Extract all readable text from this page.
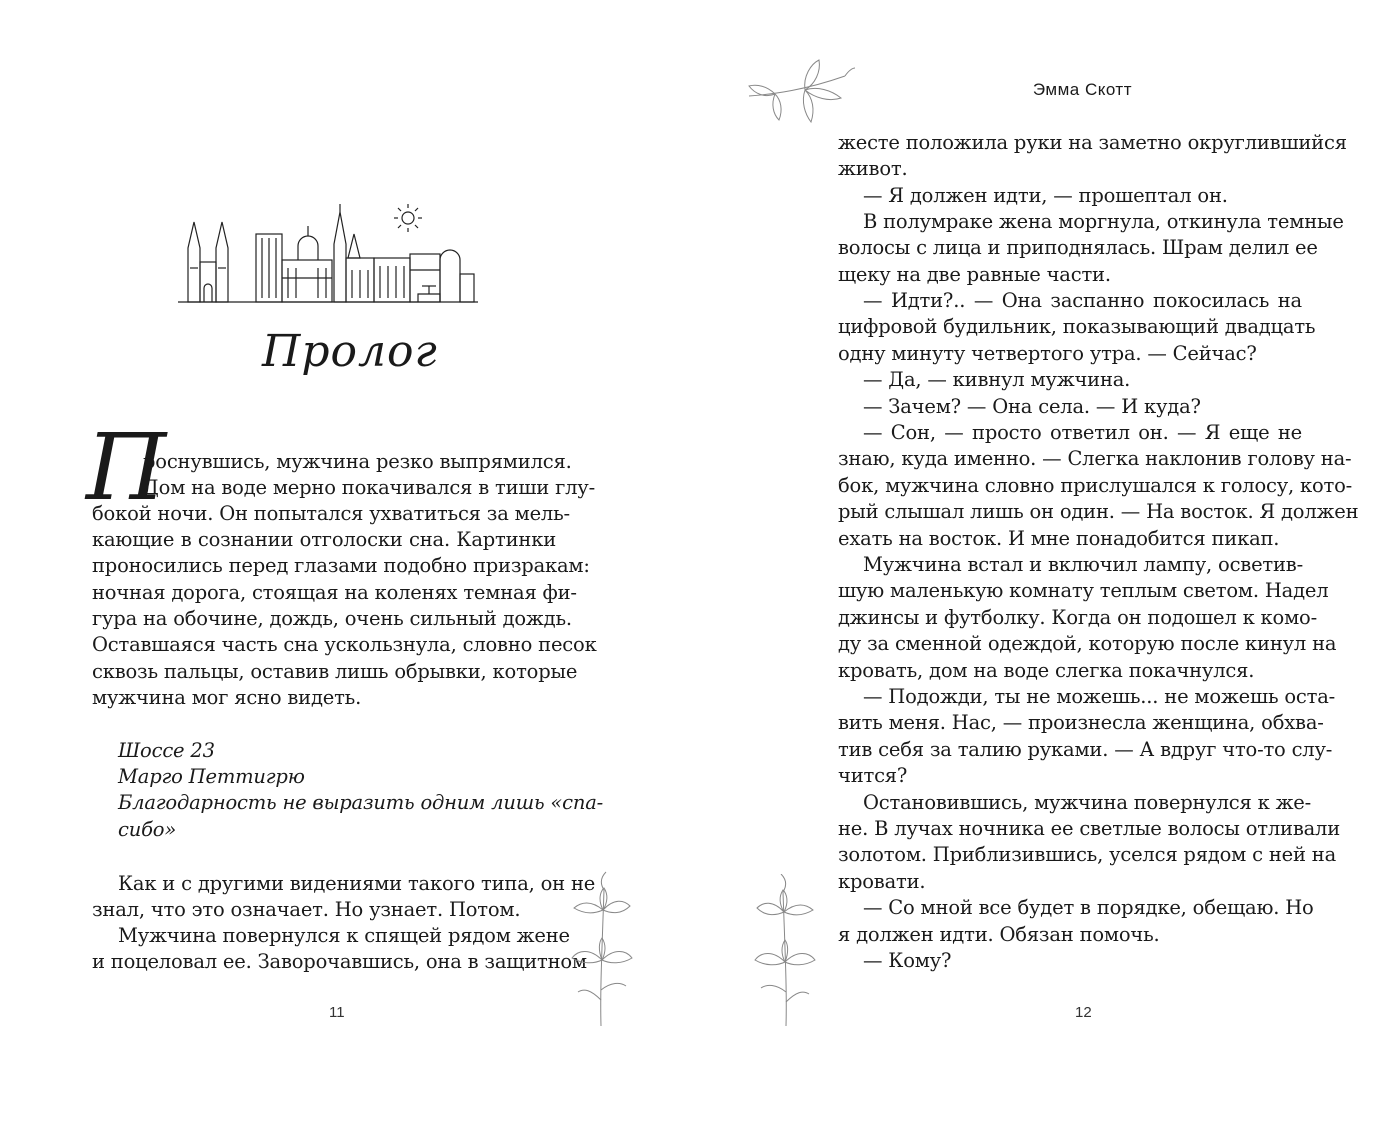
Пролог
П
роснувшись, мужчина резко выпрямился.
Дом на воде мерно покачивался в тиши глу-
бокой ночи. Он попытался ухватиться за мель-
кающие в сознании отголоски сна. Картинки
проносились перед глазами подобно призракам:
ночная дорога, стоящая на коленях темная фи-
гура на обочине, дождь, очень сильный дождь.
Оставшаяся часть сна ускользнула, словно песок
сквозь пальцы, оставив лишь обрывки, которые
мужчина мог ясно видеть.
Шоссе 23
Марго Петтигрю
Благодарность не выразить одним лишь «спа-
сибо»
Как и с другими видениями такого типа, он не
знал, что это означает. Но узнает. Потом.
Мужчина повернулся к спящей рядом жене
и поцеловал ее. Заворочавшись, она в защитном
11
Эмма Скотт
жесте положила руки на заметно округлившийся
живот.
— Я должен идти, — прошептал он.
В полумраке жена моргнула, откинула темные
волосы с лица и приподнялась. Шрам делил ее
щеку на две равные части.
— Идти?.. — Она заспанно покосилась на
цифровой будильник, показывающий двадцать
одну минуту четвертого утра. — Сейчас?
— Да, — кивнул мужчина.
— Зачем? — Она села. — И куда?
— Сон, — просто ответил он. — Я еще не
знаю, куда именно. — Слегка наклонив голову на-
бок, мужчина словно прислушался к голосу, кото-
рый слышал лишь он один. — На восток. Я должен
ехать на восток. И мне понадобится пикап.
Мужчина встал и включил лампу, осветив-
шую маленькую комнату теплым светом. Надел
джинсы и футболку. Когда он подошел к комо-
ду за сменной одеждой, которую после кинул на
кровать, дом на воде слегка покачнулся.
— Подожди, ты не можешь... не можешь оста-
вить меня. Нас, — произнесла женщина, обхва-
тив себя за талию руками. — А вдруг что-то слу-
чится?
Остановившись, мужчина повернулся к же-
не. В лучах ночника ее светлые волосы отливали
золотом. Приблизившись, уселся рядом с ней на
кровати.
— Со мной все будет в порядке, обещаю. Но
я должен идти. Обязан помочь.
— Кому?
12
